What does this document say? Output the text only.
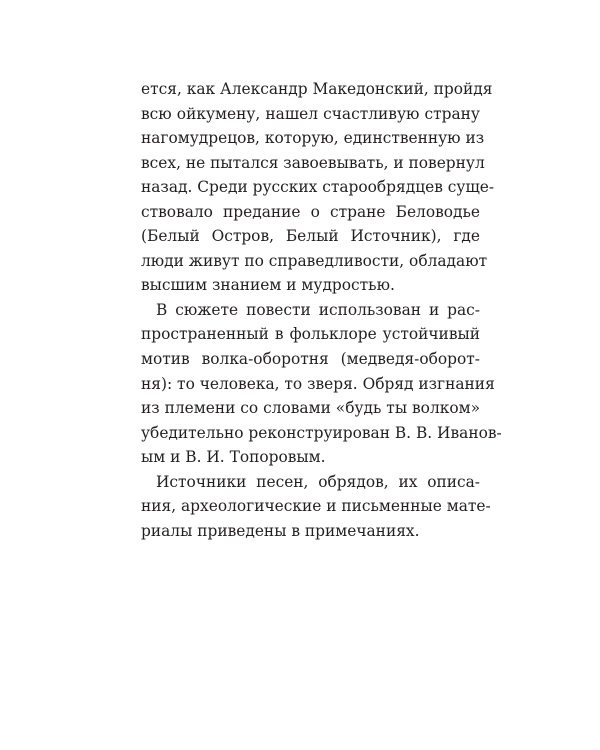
ется, как Александр Македонский, пройдя
всю ойкумену, нашел счастливую страну
нагомудрецов, которую, единственную из
всех, не пытался завоевывать, и повернул
назад. Среди русских старообрядцев суще-
ствовало предание о стране Беловодье
(Белый Остров, Белый Источник), где
люди живут по справедливости, обладают
высшим знанием и мудростью.
В сюжете повести использован и рас-
пространенный в фольклоре устойчивый
мотив волка-оборотня (медведя-оборот-
ня): то человека, то зверя. Обряд изгнания
из племени со словами «будь ты волком»
убедительно реконструирован В. В. Иванов-
ым и В. И. Топоровым.
Источники песен, обрядов, их описа-
ния, археологические и письменные мате-
риалы приведены в примечаниях.
